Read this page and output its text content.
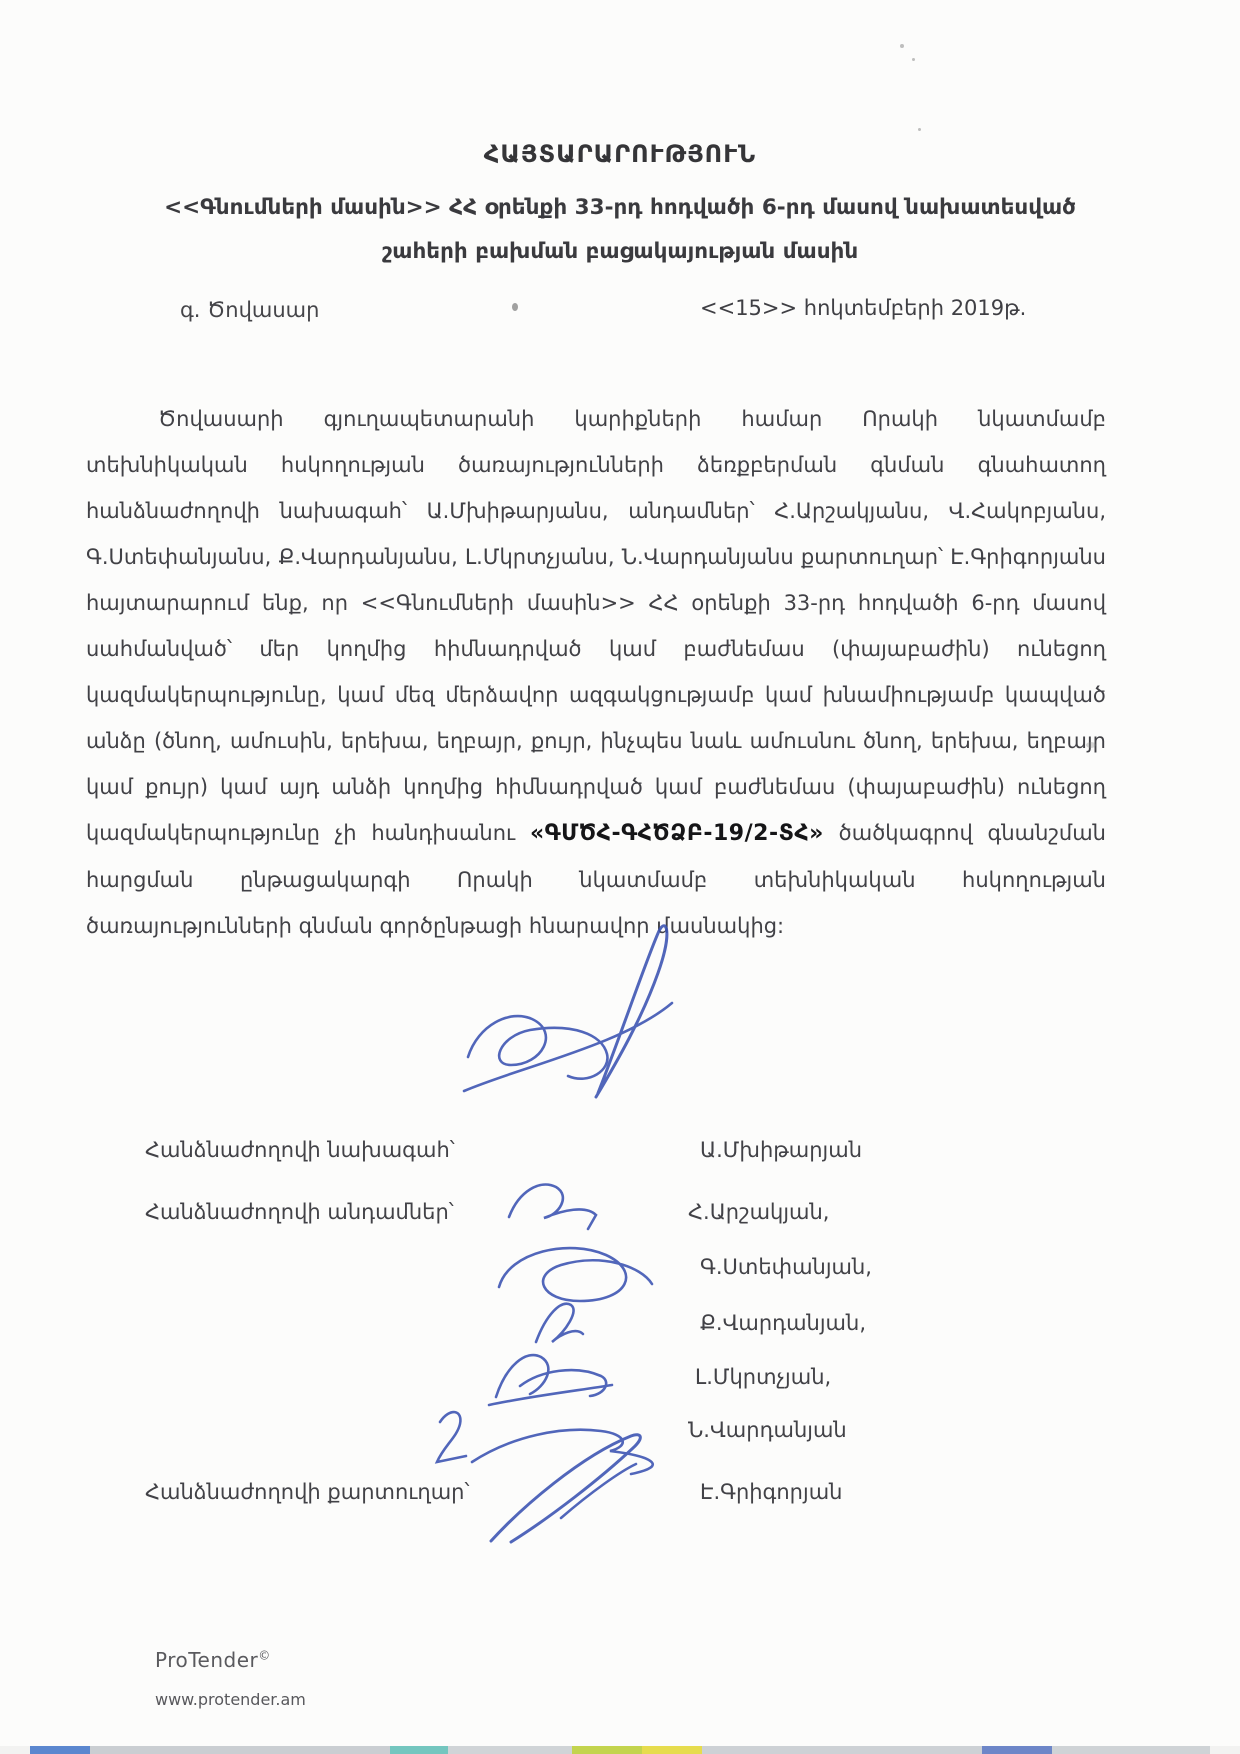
ՀԱՅՏԱՐԱՐՈՒԹՅՈՒՆ
<<Գնումների մասին>> ՀՀ օրենքի 33-րդ հոդվածի 6-րդ մասով նախատեսված
շահերի բախման բացակայության մասին
գ. Ծովասար	<<15>> հոկտեմբերի 2019թ.
Ծովասարի գյուղապետարանի կարիքների համար Որակի նկատմամբ տեխնիկական հսկողության ծառայությունների ձեռքբերման գնման գնահատող հանձնաժողովի նախագահ՝ Ա.Մխիթարյանս, անդամներ՝ Հ.Արշակյանս, Վ.Հակոբյանս, Գ.Ստեփանյանս, Ք.Վարդանյանս, Լ.Մկրտչյանս, Ն.Վարդանյանս քարտուղար՝ Է.Գրիգորյանս հայտարարում ենք, որ <<Գնումների մասին>> ՀՀ օրենքի 33-րդ հոդվածի 6-րդ մասով սահմանված՝ մեր կողմից հիմնադրված կամ բաժնեմաս (փայաբաժին) ունեցող կազմակերպությունը, կամ մեզ մերձավոր ազգակցությամբ կամ խնամիությամբ կապված անձը (ծնող, ամուսին, երեխա, եղբայր, քույր, ինչպես նաև ամուսնու ծնող, երեխա, եղբայր կամ քույր) կամ այդ անձի կողմից հիմնադրված կամ բաժնեմաս (փայաբաժին) ունեցող կազմակերպությունը չի հանդիսանու «ԳՄԾՀ-ԳՀԾՁԲ-19/2-ՏՀ» ծածկագրով գնանշման հարցման ընթացակարգի Որակի նկատմամբ տեխնիկական հսկողության ծառայությունների գնման գործընթացի հնարավոր մասնակից:
Հանձնաժողովի նախագահ՝	Ա.Մխիթարյան
Հանձնաժողովի անդամներ՝	Հ.Արշակյան,
Գ.Ստեփանյան,
Ք.Վարդանյան,
Լ.Մկրտչյան,
Ն.Վարդանյան
Հանձնաժողովի քարտուղար՝	Է.Գրիգորյան
ProTender©
www.protender.am
